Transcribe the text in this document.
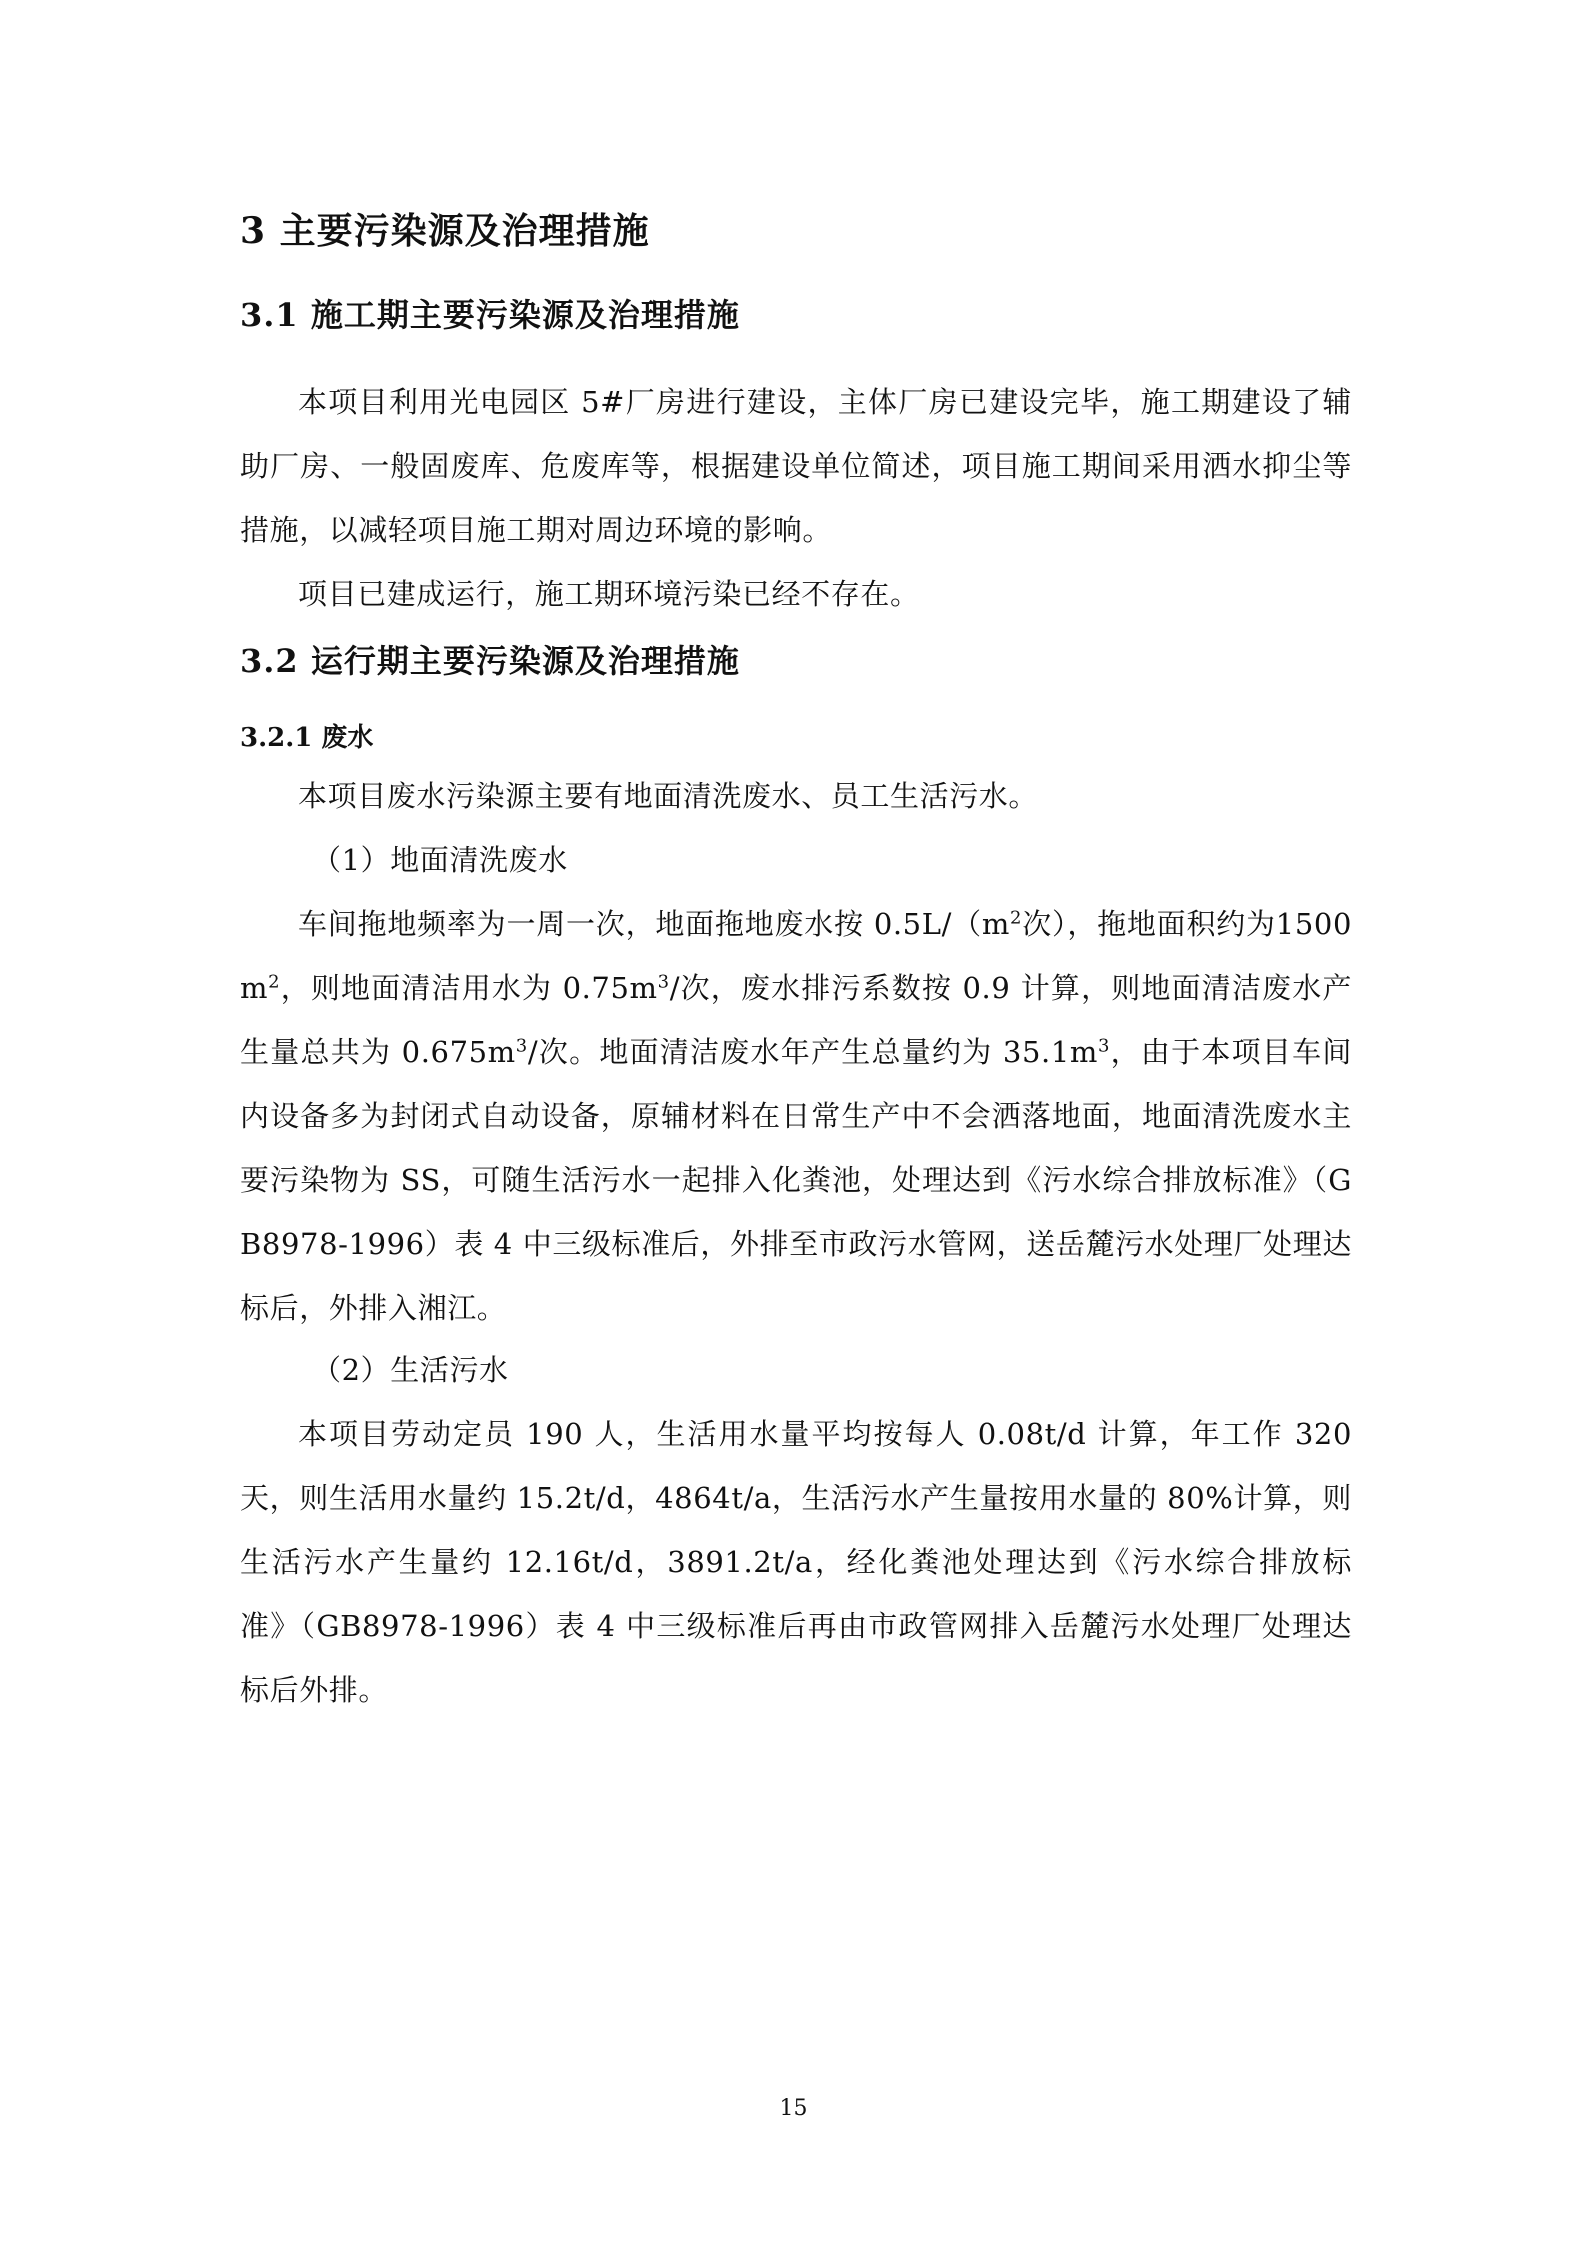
3 主要污染源及治理措施
3.1 施工期主要污染源及治理措施
本项目利用光电园区 5#厂房进行建设，主体厂房已建设完毕，施工期建设了辅助厂房、一般固废库、危废库等，根据建设单位简述，项目施工期间采用洒水抑尘等措施，以减轻项目施工期对周边环境的影响。
项目已建成运行，施工期环境污染已经不存在。
3.2 运行期主要污染源及治理措施
3.2.1 废水
本项目废水污染源主要有地面清洗废水、员工生活污水。
（1）地面清洗废水
车间拖地频率为一周一次，地面拖地废水按 $0.5L/(m^2$次），拖地面积约为$1500m^2$，则地面清洁用水为 $0.75m^3/$次，废水排污系数按 0.9 计算，则地面清洁废水产生量总共为 $0.675m^3/$次。地面清洁废水年产生总量约为 $35.1m^3$，由于本项目车间内设备多为封闭式自动设备，原辅材料在日常生产中不会洒落地面，地面清洗废水主要污染物为 SS，可随生活污水一起排入化粪池，处理达到《污水综合排放标准》（GB8978-1996）表 4 中三级标准后，外排至市政污水管网，送岳麓污水处理厂处理达标后，外排入湘江。
（2）生活污水
本项目劳动定员 190 人，生活用水量平均按每人 0.08t/d 计算，年工作 320 天，则生活用水量约 15.2t/d，4864t/a，生活污水产生量按用水量的 80%计算，则生活污水产生量约 12.16t/d，3891.2t/a，经化粪池处理达到《污水综合排放标准》（GB8978-1996）表 4 中三级标准后再由市政管网排入岳麓污水处理厂处理达标后外排。
15
